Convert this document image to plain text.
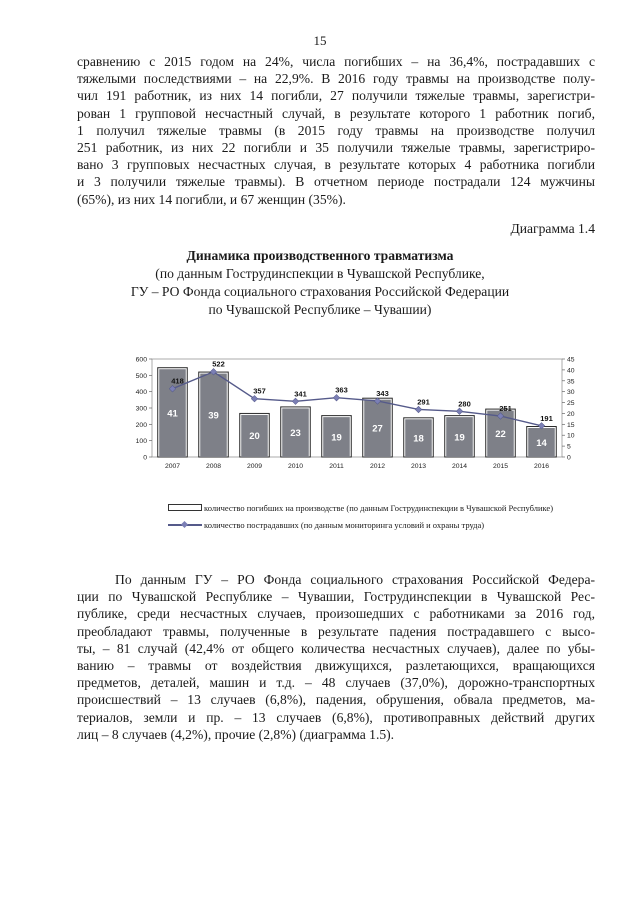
15
сравнению с 2015 годом на 24%, числа погибших – на 36,4%, пострадавших с
тяжелыми последствиями – на 22,9%. В 2016 году травмы на производстве полу-
чил 191 работник, из них 14 погибли, 27 получили тяжелые травмы, зарегистри-
рован 1 групповой несчастный случай, в результате которого 1 работник погиб,
1 получил тяжелые травмы (в 2015 году травмы на производстве получил
251 работник, из них 22 погибли и 35 получили тяжелые травмы, зарегистриро-
вано 3 групповых несчастных случая, в результате которых 4 работника погибли
и 3 получили тяжелые травмы). В отчетном периоде пострадали 124 мужчины
(65%), из них 14 погибли, и 67 женщин (35%).
Диаграмма 1.4
Динамика производственного травматизма
(по данным Гострудинспекции в Чувашской Республике,
ГУ – РО Фонда социального страхования Российской Федерации
по Чувашской Республике – Чувашии)
0
100
200
300
400
500
600
0
5
10
15
20
25
30
35
40
45
41	39
20	23	19
27
18	19	22
14
2007	2008	2009	2010	2011	2012	2013	2014	2015	2016
418
522
357	341	363	343
291	280
251
191
количество погибших на производстве (по данным Гострудинспекции в Чувашской Республике)
количество пострадавших (по данным мониторинга условий и охраны труда)
По данным ГУ – РО Фонда социального страхования Российской Федера-
ции по Чувашской Республике – Чувашии, Гострудинспекции в Чувашской Рес-
публике, среди несчастных случаев, произошедших с работниками за 2016 год,
преобладают травмы, полученные в результате падения пострадавшего с высо-
ты, – 81 случай (42,4% от общего количества несчастных случаев), далее по убы-
ванию – травмы от воздействия движущихся, разлетающихся, вращающихся
предметов, деталей, машин и т.д. – 48 случаев (37,0%), дорожно-транспортных
происшествий – 13 случаев (6,8%), падения, обрушения, обвала предметов, ма-
териалов, земли и пр. – 13 случаев (6,8%), противоправных действий других
лиц – 8 случаев (4,2%), прочие (2,8%) (диаграмма 1.5).
